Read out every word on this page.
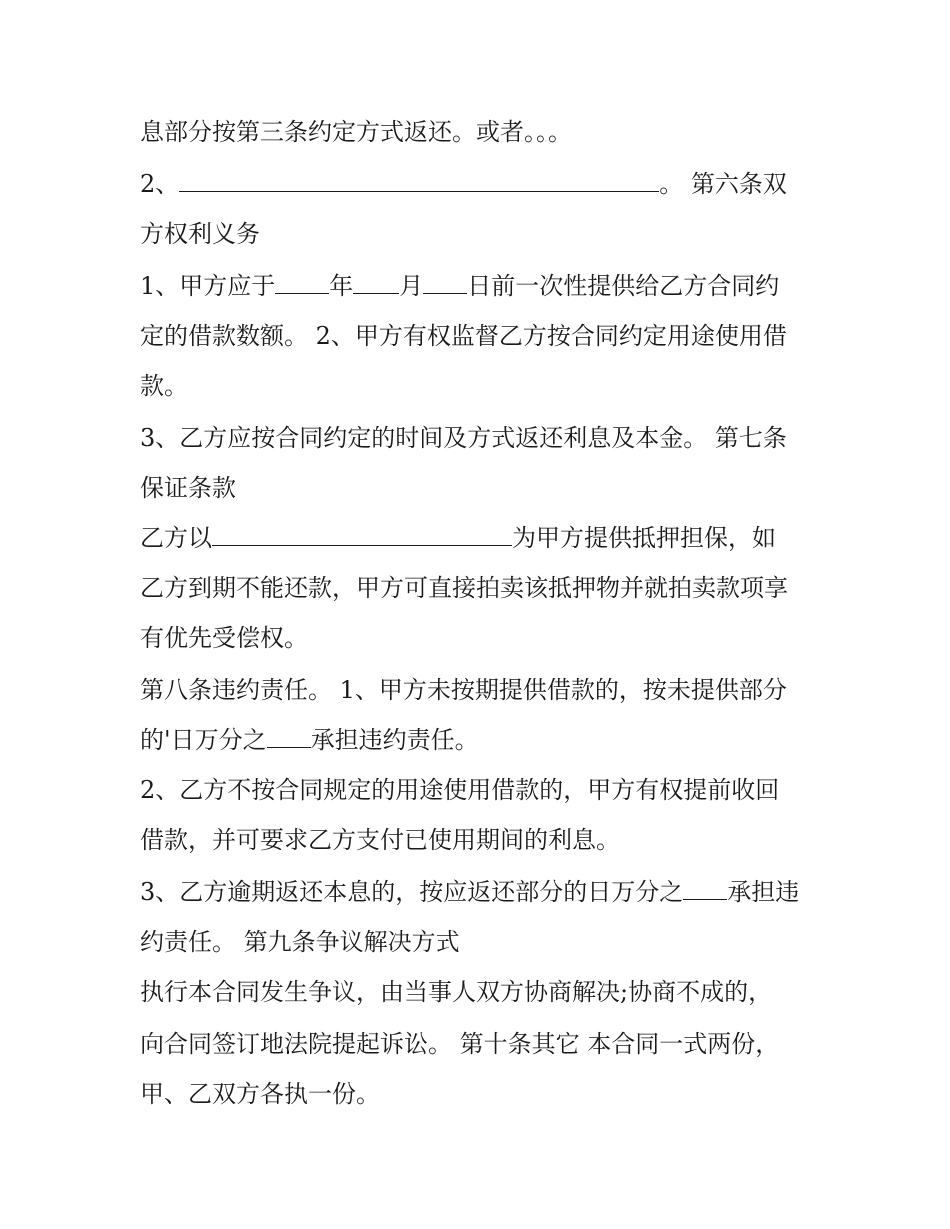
息部分按第三条约定方式返还。或者。。。
2、	。 第六条双
方权利义务
1、甲方应于 年 月 日前一次性提供给乙方合同约
定的借款数额。 2、甲方有权监督乙方按合同约定用途使用借
款。
3、乙方应按合同约定的时间及方式返还利息及本金。 第七条
保证条款
乙方以	为甲方提供抵押担保，如
乙方到期不能还款，甲方可直接拍卖该抵押物并就拍卖款项享
有优先受偿权。
第八条违约责任。 1、甲方未按期提供借款的，按未提供部分
的'日万分之 承担违约责任。
2、乙方不按合同规定的用途使用借款的，甲方有权提前收回
借款，并可要求乙方支付已使用期间的利息。
3、乙方逾期返还本息的，按应返还部分的日万分之 承担违
约责任。 第九条争议解决方式
执行本合同发生争议，由当事人双方协商解决;协商不成的，
向合同签订地法院提起诉讼。 第十条其它 本合同一式两份，
甲、乙双方各执一份。
